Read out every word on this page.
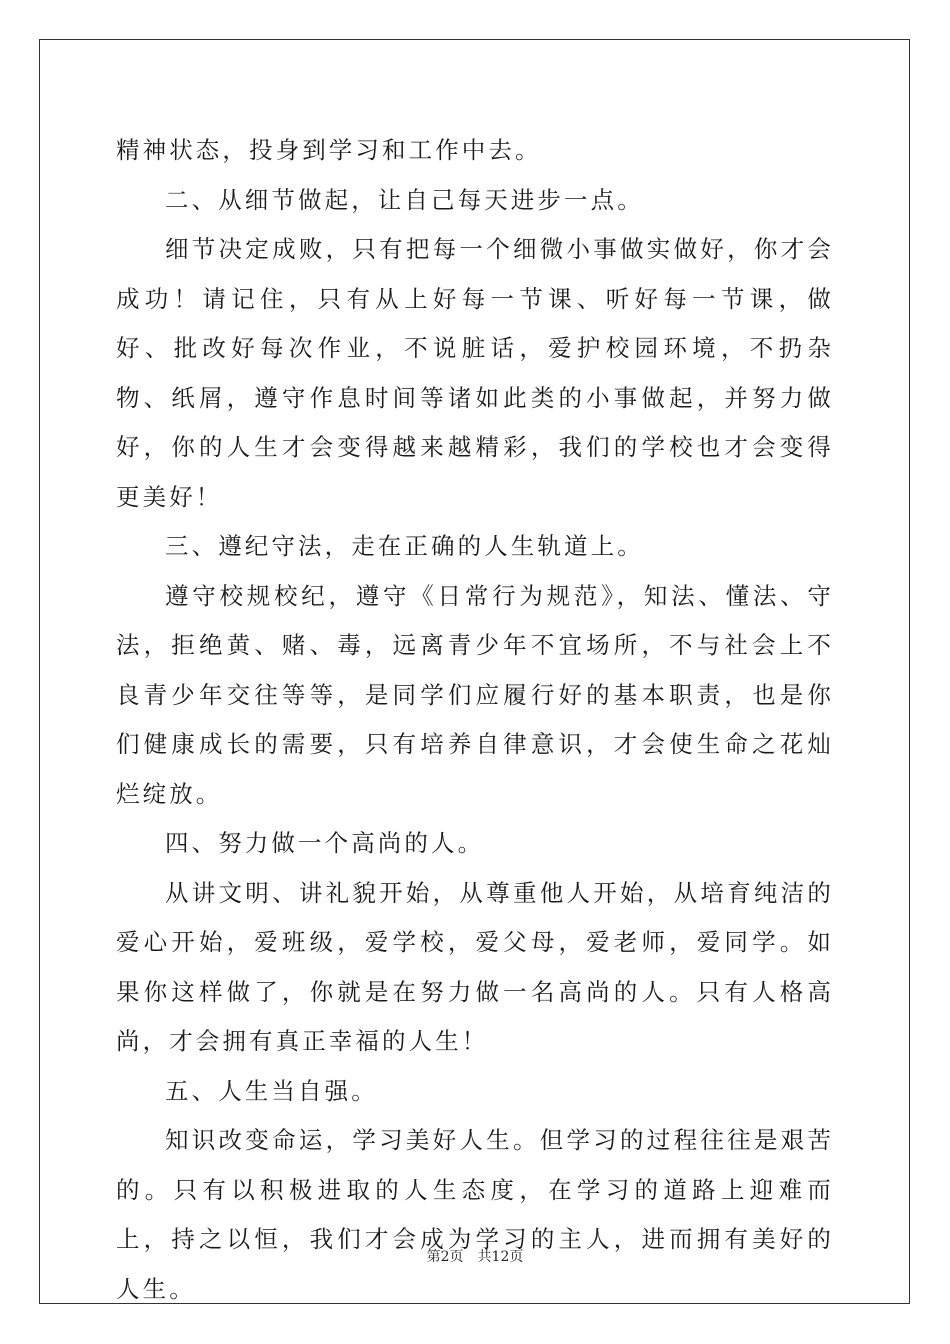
精神状态，投身到学习和工作中去。

二、从细节做起，让自己每天进步一点。

细节决定成败，只有把每一个细微小事做实做好，你才会成功！请记住，只有从上好每一节课、听好每一节课，做好、批改好每次作业，不说脏话，爱护校园环境，不扔杂物、纸屑，遵守作息时间等诸如此类的小事做起，并努力做好，你的人生才会变得越来越精彩，我们的学校也才会变得更美好！

三、遵纪守法，走在正确的人生轨道上。

遵守校规校纪，遵守《日常行为规范》，知法、懂法、守法，拒绝黄、赌、毒，远离青少年不宜场所，不与社会上不良青少年交往等等，是同学们应履行好的基本职责，也是你们健康成长的需要，只有培养自律意识，才会使生命之花灿烂绽放。

四、努力做一个高尚的人。

从讲文明、讲礼貌开始，从尊重他人开始，从培育纯洁的爱心开始，爱班级，爱学校，爱父母，爱老师，爱同学。如果你这样做了，你就是在努力做一名高尚的人。只有人格高尚，才会拥有真正幸福的人生！

五、人生当自强。

知识改变命运，学习美好人生。但学习的过程往往是艰苦的。只有以积极进取的人生态度，在学习的道路上迎难而上，持之以恒，我们才会成为学习的主人，进而拥有美好的人生。

第2页　共12页
